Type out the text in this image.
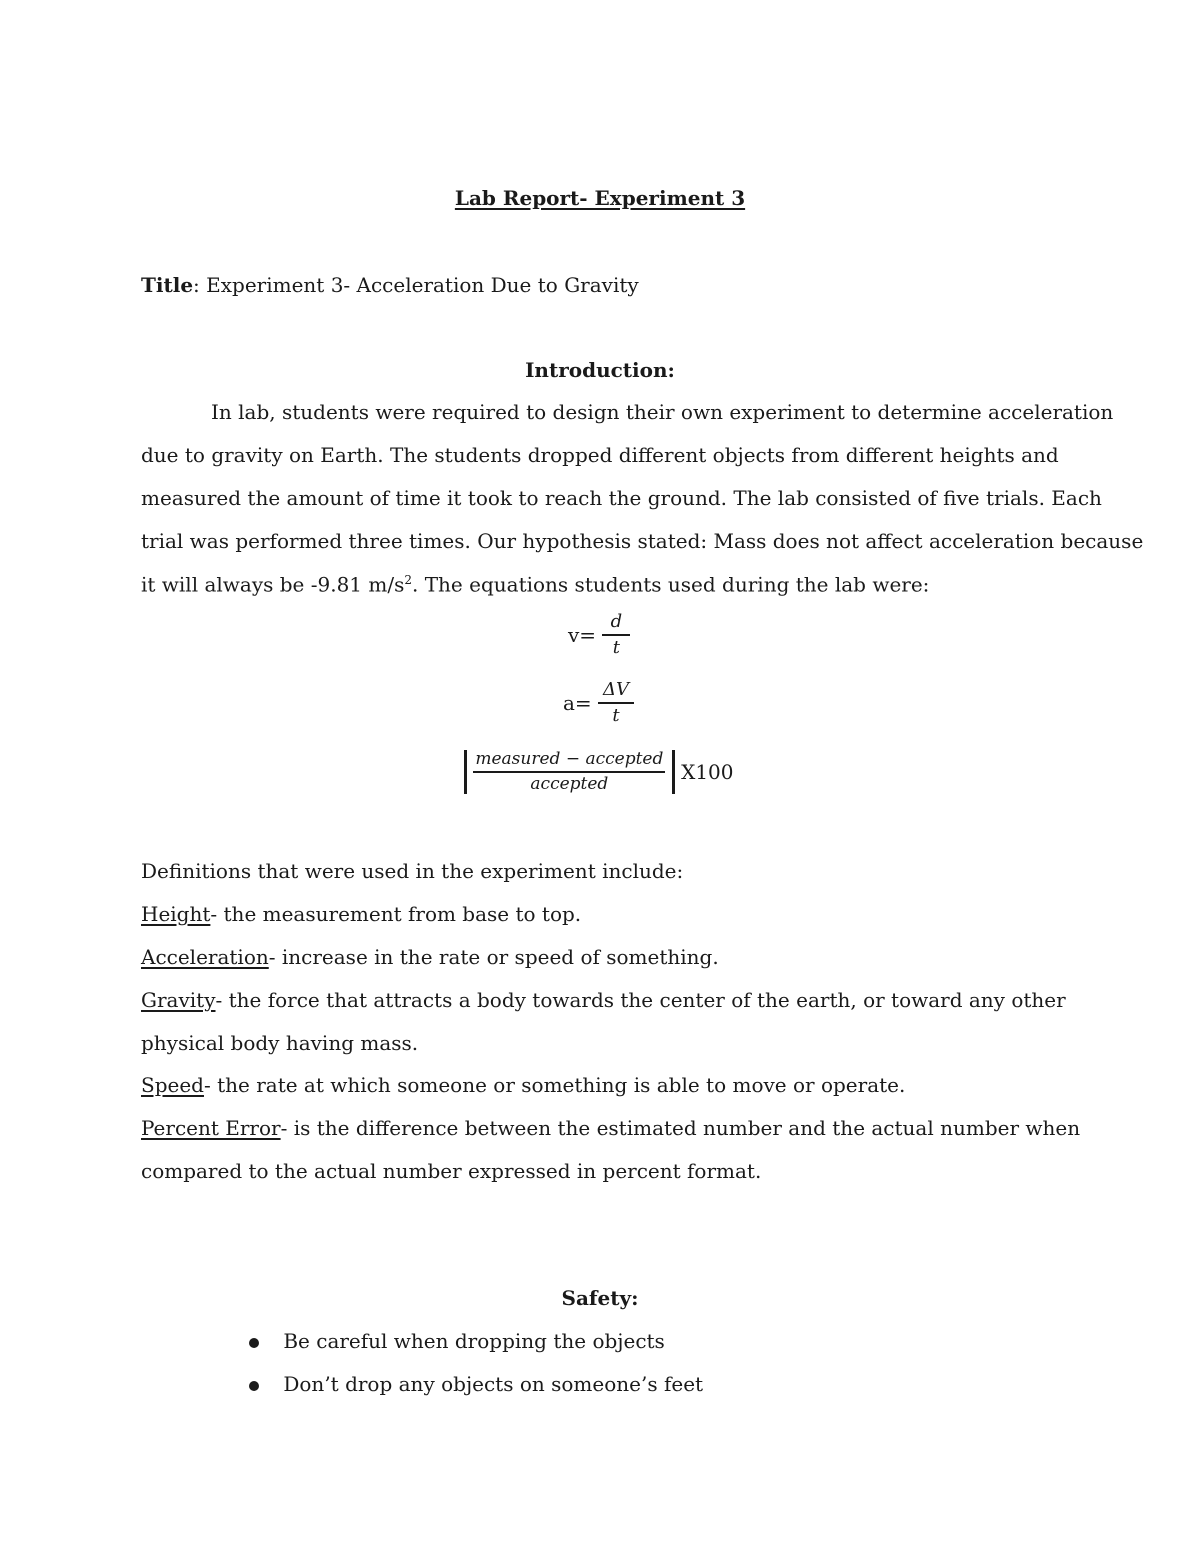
Lab Report- Experiment 3
Title: Experiment 3- Acceleration Due to Gravity
Introduction:
In lab, students were required to design their own experiment to determine acceleration
due to gravity on Earth. The students dropped different objects from different heights and
measured the amount of time it took to reach the ground. The lab consisted of five trials. Each
trial was performed three times. Our hypothesis stated: Mass does not affect acceleration because
it will always be -9.81 $m/s^2$. The equations students used during the lab were:
$v= \frac{d}{t}$
$a= \frac{\Delta V}{t}$

$\frac{\text{measured − accepted}}{\text{accepted}} X100$
Definitions that were used in the experiment include:
Height- the measurement from base to top.
Acceleration- increase in the rate or speed of something.
Gravity- the force that attracts a body towards the center of the earth, or toward any other
physical body having mass.
Speed- the rate at which someone or something is able to move or operate.
Percent Error- is the difference between the estimated number and the actual number when
compared to the actual number expressed in percent format.
Safety:
Be careful when dropping the objects
Don’t drop any objects on someone’s feet
